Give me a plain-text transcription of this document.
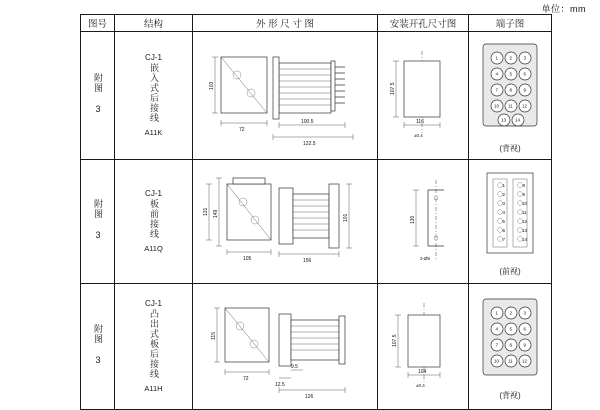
单位：mm
图号	结构	外 形 尺 寸 图	安装开孔尺寸图	端子图
附图 3	
CJ-1
嵌入式后接线
A11K

103
72
100.5
122.5

107.5
116
±0.4

1	2	3
4	5	6
7	8	9
10 11 12
13 14
(背视)

附图 3	
CJ-1
板前接线
A11Q

149
131
105	156
101	130
2-Ø5

1
2
3
4
5
6
7
8
9
10
11
12
13
14
(前视)

附图 3	
CJ-1
凸出式板后接线
A11H

115
72
9.5
12.5
126

107.5
104
±0.4

1	2	3
4	5	6
7	8	9
10 11 12
(背视)
